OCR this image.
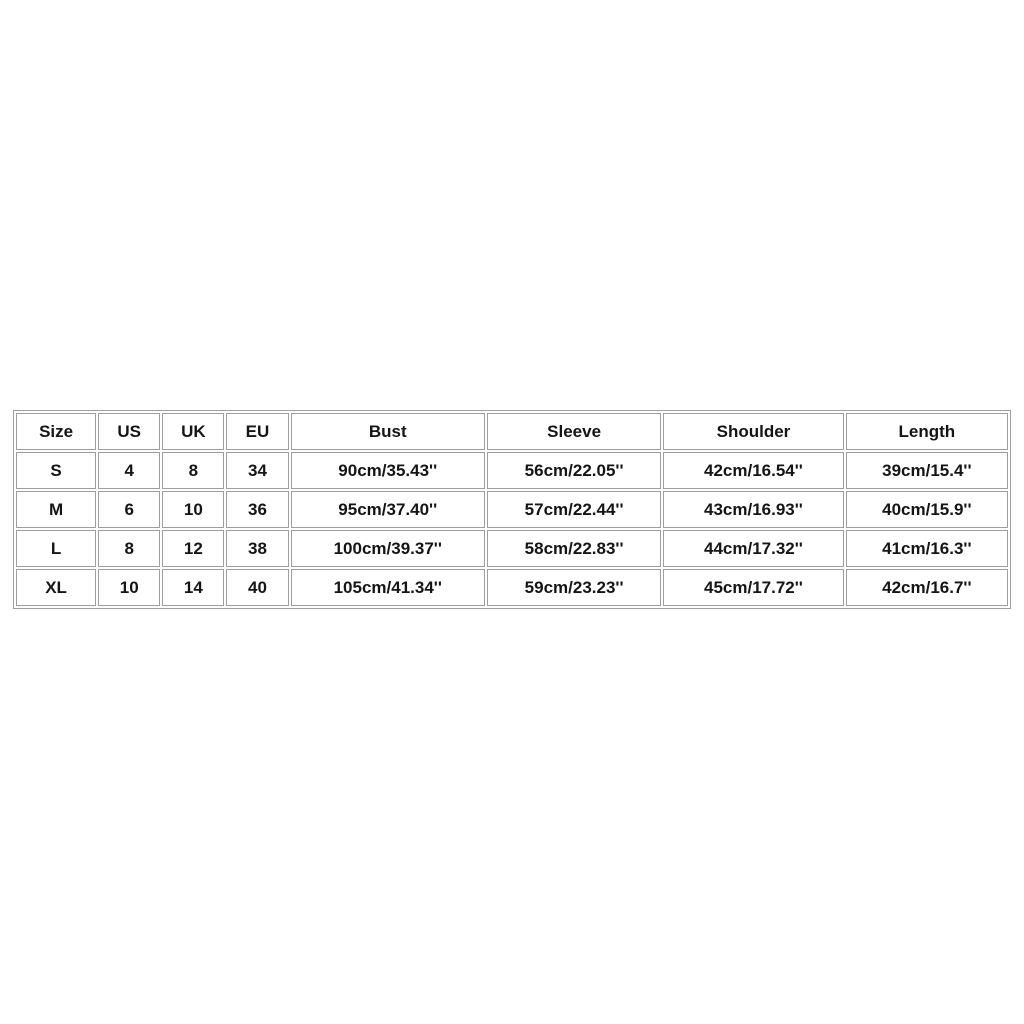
Size	US	UK	EU	Bust	Sleeve	Shoulder	Length
S	4	8	34	90cm/35.43''	56cm/22.05''	42cm/16.54''	39cm/15.4''
M	6	10	36	95cm/37.40''	57cm/22.44''	43cm/16.93''	40cm/15.9''
L	8	12	38	100cm/39.37''	58cm/22.83''	44cm/17.32''	41cm/16.3''
XL	10	14	40	105cm/41.34''	59cm/23.23''	45cm/17.72''	42cm/16.7''
